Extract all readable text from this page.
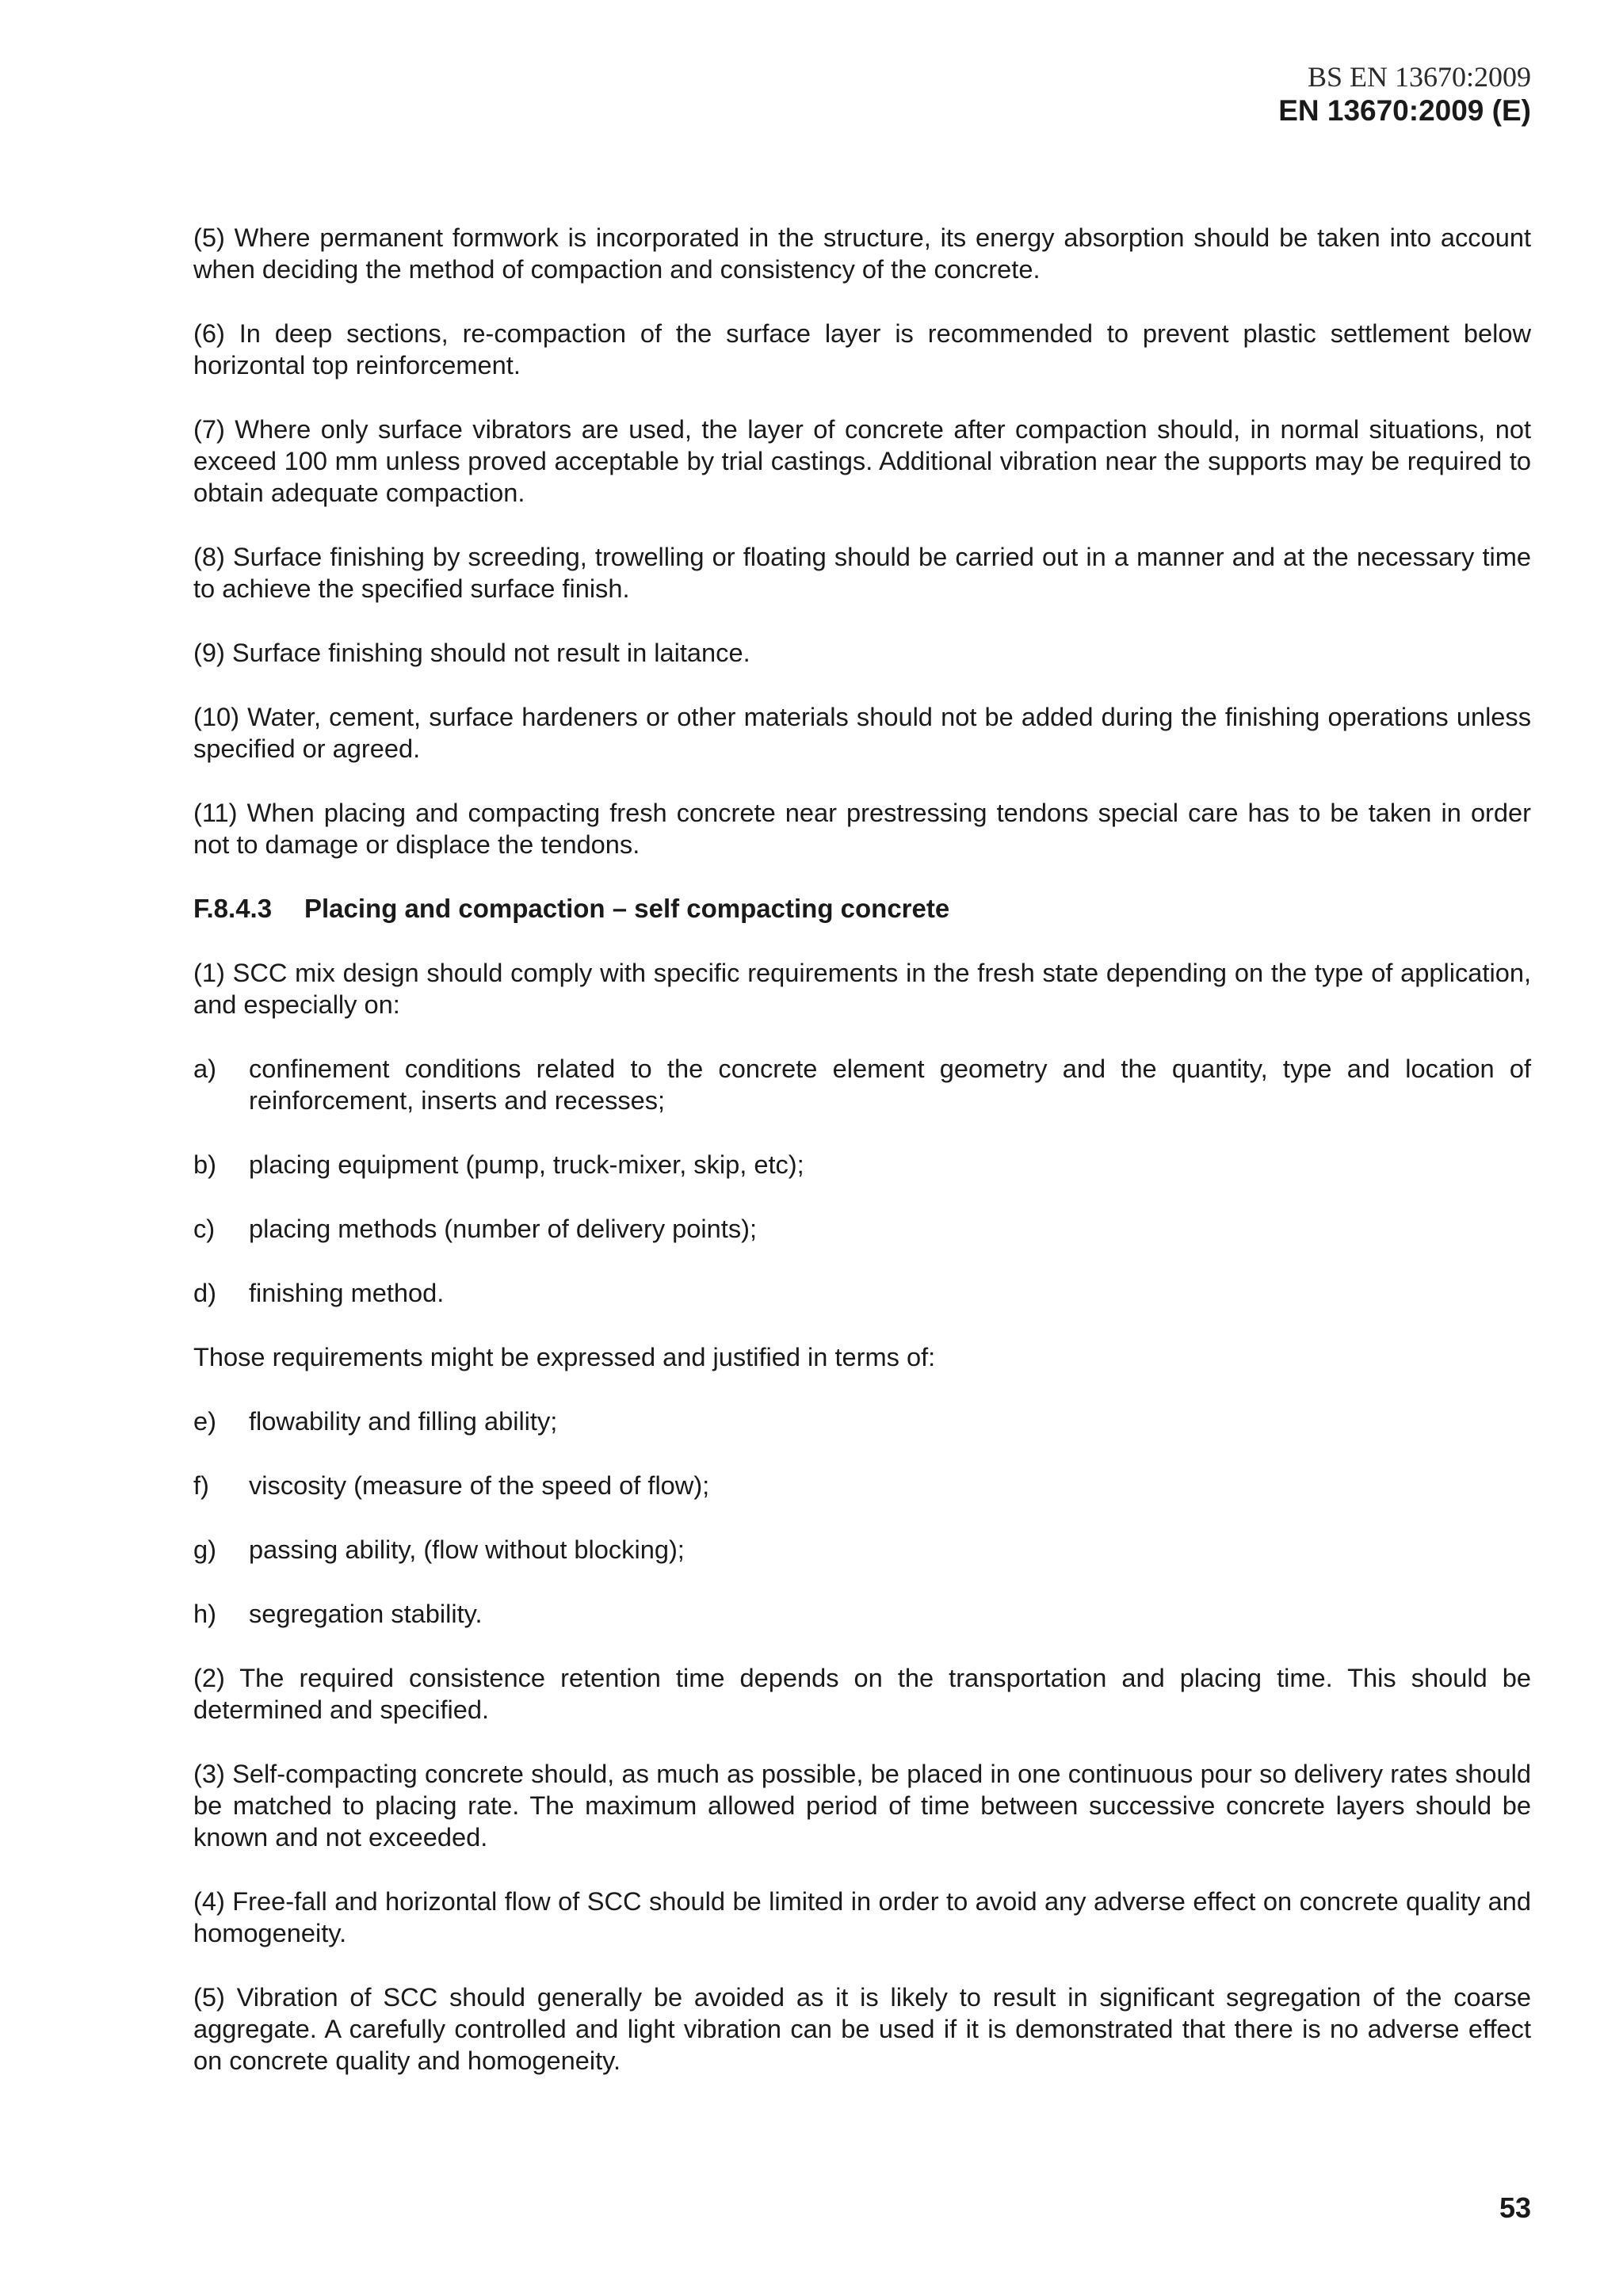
BS EN 13670:2009
EN 13670:2009 (E)

(5) Where permanent formwork is incorporated in the structure, its energy absorption should be taken into account when deciding the method of compaction and consistency of the concrete.

(6) In deep sections, re-compaction of the surface layer is recommended to prevent plastic settlement below horizontal top reinforcement.

(7) Where only surface vibrators are used, the layer of concrete after compaction should, in normal situations, not exceed 100 mm unless proved acceptable by trial castings. Additional vibration near the supports may be required to obtain adequate compaction.

(8) Surface finishing by screeding, trowelling or floating should be carried out in a manner and at the necessary time to achieve the specified surface finish.

(9) Surface finishing should not result in laitance.

(10) Water, cement, surface hardeners or other materials should not be added during the finishing operations unless specified or agreed.

(11) When placing and compacting fresh concrete near prestressing tendons special care has to be taken in order not to damage or displace the tendons.

F.8.4.3 Placing and compaction – self compacting concrete

(1) SCC mix design should comply with specific requirements in the fresh state depending on the type of application, and especially on:

a)	confinement conditions related to the concrete element geometry and the quantity, type and location of reinforcement, inserts and recesses;
b)	placing equipment (pump, truck-mixer, skip, etc);
c)	placing methods (number of delivery points);
d)	finishing method.

Those requirements might be expressed and justified in terms of:

e)	flowability and filling ability;
f)	viscosity (measure of the speed of flow);
g)	passing ability, (flow without blocking);
h)	segregation stability.

(2) The required consistence retention time depends on the transportation and placing time. This should be determined and specified.

(3) Self-compacting concrete should, as much as possible, be placed in one continuous pour so delivery rates should be matched to placing rate. The maximum allowed period of time between successive concrete layers should be known and not exceeded.

(4) Free-fall and horizontal flow of SCC should be limited in order to avoid any adverse effect on concrete quality and homogeneity.

(5) Vibration of SCC should generally be avoided as it is likely to result in significant segregation of the coarse aggregate. A carefully controlled and light vibration can be used if it is demonstrated that there is no adverse effect on concrete quality and homogeneity.

53
